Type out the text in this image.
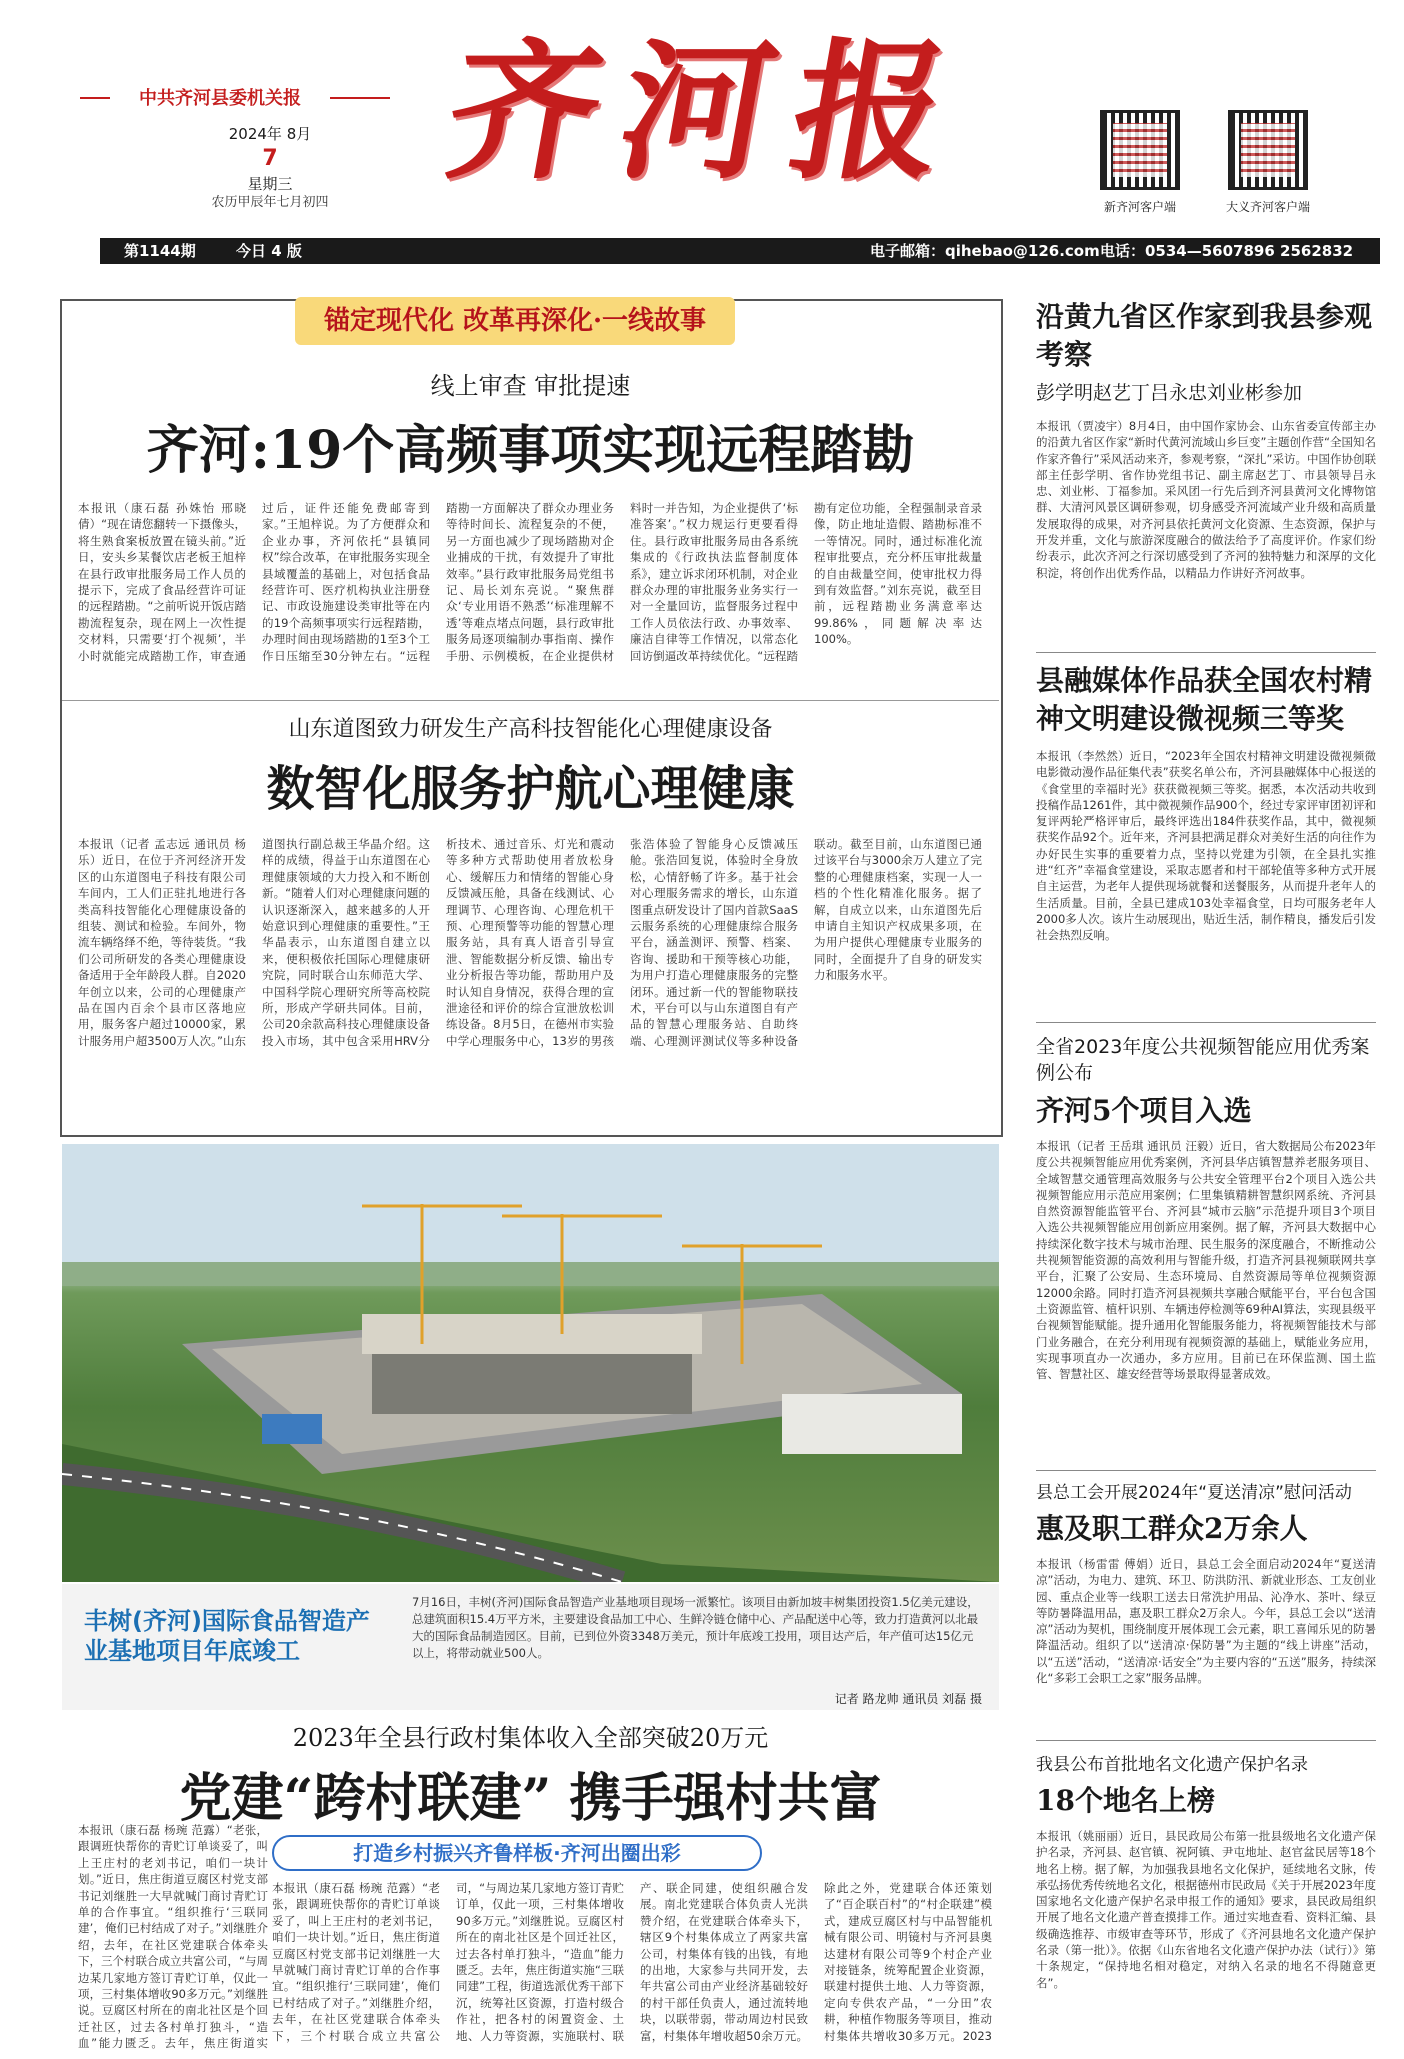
中共齐河县委机关报
2024年 8月
7
星期三
农历甲辰年七月初四
齐河报
新齐河客户端	大义齐河客户端
第1144期	今日 4 版	电子邮箱：qihebao@126.com 电话：0534—5607896 2562832
锚定现代化 改革再深化·一线故事
线上审查 审批提速
齐河:19个高频事项实现远程踏勘
本报讯（康石磊 孙姝怡 邢晓倩）“现在请您翻转一下摄像头，将生熟食案板放置在镜头前。”近日，安头乡某餐饮店老板王旭梓在县行政审批服务局工作人员的提示下，完成了食品经营许可证的远程踏勘。“之前听说开饭店踏勘流程复杂，现在网上一次性提交材料，只需要‘打个视频’，半小时就能完成踏勘工作，审查通过后，证件还能免费邮寄到家。”王旭梓说。为了方便群众和企业办事，齐河依托“县镇同权”综合改革，在审批服务实现全县域覆盖的基础上，对包括食品经营许可、医疗机构执业注册登记、市政设施建设类审批等在内的19个高频事项实行远程踏勘，办理时间由现场踏勘的1至3个工作日压缩至30分钟左右。“远程踏勘一方面解决了群众办理业务等待时间长、流程复杂的不便，另一方面也减少了现场踏勘对企业捕成的干扰，有效提升了审批效率。”县行政审批服务局党组书记、局长刘东亮说。“聚焦群众‘专业用语不熟悉’‘标准理解不透’等难点堵点问题，县行政审批服务局逐项编制办事指南、操作手册、示例模板，在企业提供材料时一并告知，为企业提供了‘标准答案’。”权力规运行更要看得住。县行政审批服务局由各系统集成的《行政执法监督制度体系》，建立诉求闭环机制，对企业群众办理的审批服务业务实行一对一全量回访，监督服务过程中工作人员依法行政、办事效率、廉洁自律等工作情况，以常态化回访倒逼改革持续优化。“远程踏勘有定位功能，全程强制录音录像，防止地址造假、踏勘标准不一等情况。同时，通过标准化流程审批要点，充分杯压审批裁量的自由裁量空间，使审批权力得到有效监督。”刘东亮说，截至目前，远程踏勘业务满意率达99.86%，同题解决率达100%。
山东道图致力研发生产高科技智能化心理健康设备
数智化服务护航心理健康
本报讯（记者 孟志远 通讯员 杨乐）近日，在位于齐河经济开发区的山东道图电子科技有限公司车间内，工人们正驻扎地进行各类高科技智能化心理健康设备的组装、测试和检验。车间外，物流车辆络绎不绝，等待装货。“我们公司所研发的各类心理健康设备适用于全年龄段人群。自2020年创立以来，公司的心理健康产品在国内百余个县市区落地应用，服务客户超过10000家，累计服务用户超3500万人次。”山东道图执行副总裁王华晶介绍。这样的成绩，得益于山东道图在心理健康领域的大力投入和不断创新。“随着人们对心理健康问题的认识逐渐深入，越来越多的人开始意识到心理健康的重要性。”王华晶表示，山东道图自建立以来，便积极依托国际心理健康研究院，同时联合山东师范大学、中国科学院心理研究所等高校院所，形成产学研共同体。目前，公司20余款高科技心理健康设备投入市场，其中包含采用HRV分析技术、通过音乐、灯光和震动等多种方式帮助使用者放松身心、缓解压力和情绪的智能心身反馈减压舱，具备在线测试、心理调节、心理咨询、心理危机干预、心理预警等功能的智慧心理服务站，具有真人语音引导宣泄、智能数据分析反馈、输出专业分析报告等功能，帮助用户及时认知自身情况，获得合理的宣泄途径和评价的综合宣泄放松训练设备。8月5日，在德州市实验中学心理服务中心，13岁的男孩张浩体验了智能身心反馈减压舱。张浩回复说，体验时全身放松，心情舒畅了许多。基于社会对心理服务需求的增长，山东道图重点研发设计了国内首款SaaS云服务系统的心理健康综合服务平台，涵盖测评、预警、档案、咨询、援助和干预等核心功能，为用户打造心理健康服务的完整闭环。通过新一代的智能物联技术，平台可以与山东道图自有产品的智慧心理服务站、自助终端、心理测评测试仪等多种设备联动。截至目前，山东道图已通过该平台与3000余万人建立了完整的心理健康档案，实现一人一档的个性化精准化服务。据了解，自成立以来，山东道图先后申请自主知识产权成果多项，在为用户提供心理健康专业服务的同时，全面提升了自身的研发实力和服务水平。
丰树(齐河)国际食品智造产业基地项目年底竣工
7月16日，丰树(齐河)国际食品智造产业基地项目现场一派繁忙。该项目由新加坡丰树集团投资1.5亿美元建设，总建筑面积15.4万平方米，主要建设食品加工中心、生鲜冷链仓储中心、产品配送中心等，致力打造黄河以北最大的国际食品制造园区。目前，已到位外资3348万美元，预计年底竣工投用，项目达产后，年产值可达15亿元以上，将带动就业500人。
记者 路龙帅 通讯员 刘磊 摄
2023年全县行政村集体收入全部突破20万元
党建“跨村联建” 携手强村共富
打造乡村振兴齐鲁样板·齐河出圈出彩
本报讯（康石磊 杨琬 范露）“老张，跟调班快帮你的青贮订单谈妥了，叫上王庄村的老刘书记，咱们一块计划。”近日，焦庄街道豆腐区村党支部书记刘继胜一大早就喊门商讨青贮订单的合作事宜。“组织推行‘三联同建’，俺们已村结成了对子。”刘继胜介绍，去年，在社区党建联合体牵头下，三个村联合成立共富公司，“与周边某几家地方签订青贮订单，仅此一项，三村集体增收90多万元。”刘继胜说。豆腐区村所在的南北社区是个回迁社区，过去各村单打独斗，“造血”能力匮乏。去年，焦庄街道实
本报讯（康石磊 杨琬 范露）“老张，跟调班快帮你的青贮订单谈妥了，叫上王庄村的老刘书记，咱们一块计划。”近日，焦庄街道豆腐区村党支部书记刘继胜一大早就喊门商讨青贮订单的合作事宜。“组织推行‘三联同建’，俺们已村结成了对子。”刘继胜介绍，去年，在社区党建联合体牵头下，三个村联合成立共富公司，“与周边某几家地方签订青贮订单，仅此一项，三村集体增收90多万元。”刘继胜说。豆腐区村所在的南北社区是个回迁社区，过去各村单打独斗，“造血”能力匮乏。去年，焦庄街道实施“三联同建”工程，街道选派优秀干部下沉，统筹社区资源，打造村级合作社，把各村的闲置资金、土地、人力等资源，实施联村、联产、联企同建，使组织融合发展。南北党建联合体负责人光洪赞介绍，在党建联合体牵头下，辖区9个村集体成立了两家共富公司，村集体有钱的出钱，有地的出地，大家参与共同开发，去年共富公司由产业经济基础较好的村干部任负责人，通过流转地块，以联带弱，带动周边村民致富，村集体年增收超50余万元。除此之外，党建联合体还策划了“百企联百村”的“村企联建”模式，建成豆腐区村与中品智能机械有限公司、明镜村与齐河县奥达建材有限公司等9个村企产业对接链条，统筹配置企业资源，联建村提供土地、人力等资源，定向专供农产品，“一分田”农耕，种植作物服务等项目，推动村集体共增收30多万元。2023
沿黄九省区作家到我县参观考察
彭学明赵艺丁吕永忠刘业彬参加
本报讯（贾凌宇）8月4日，由中国作家协会、山东省委宣传部主办的沿黄九省区作家“新时代黄河流域山乡巨变”主题创作营“全国知名作家齐鲁行”采风活动来齐，参观考察，“深扎”采访。中国作协创联部主任彭学明、省作协党组书记、副主席赵艺丁、市县领导吕永忠、刘业彬、丁福参加。采风团一行先后到齐河县黄河文化博物馆群、大清河风景区调研参观，切身感受齐河流域产业升级和高质量发展取得的成果，对齐河县依托黄河文化资源、生态资源，保护与开发并重，文化与旅游深度融合的做法给予了高度评价。作家们纷纷表示，此次齐河之行深切感受到了齐河的独特魅力和深厚的文化积淀，将创作出优秀作品，以精品力作讲好齐河故事。
县融媒体作品获全国农村精神文明建设微视频三等奖
本报讯（李然然）近日，“2023年全国农村精神文明建设微视频微电影微动漫作品征集代表”获奖名单公布，齐河县融媒体中心报送的《食堂里的幸福时光》获获微视频三等奖。据悉，本次活动共收到投稿作品1261件，其中微视频作品900个，经过专家评审团初评和复评两轮严格评审后，最终评选出184件获奖作品，其中，微视频获奖作品92个。近年来，齐河县把满足群众对美好生活的向往作为办好民生实事的重要着力点，坚持以党建为引领，在全县扎实推进“红齐”幸福食堂建设，采取志愿者和村干部轮值等多种方式开展自主运营，为老年人提供现场就餐和送餐服务，从而提升老年人的生活质量。目前，全县已建成103处幸福食堂，日均可服务老年人2000多人次。该片生动展现出，贴近生活，制作精良，播发后引发社会热烈反响。
全省2023年度公共视频智能应用优秀案例公布
齐河5个项目入选
本报讯（记者 王岳琪 通讯员 汪毅）近日，省大数据局公布2023年度公共视频智能应用优秀案例，齐河县华店镇智慧养老服务项目、全域智慧交通管理高效服务与公共安全管理平台2个项目入选公共视频智能应用示范应用案例；仁里集镇精耕智慧织网系统、齐河县自然资源智能监管平台、齐河县“城市云脑”示范提升项目3个项目入选公共视频智能应用创新应用案例。据了解，齐河县大数据中心持续深化数字技术与城市治理、民生服务的深度融合，不断推动公共视频智能资源的高效利用与智能升级，打造齐河县视频联网共享平台，汇聚了公安局、生态环境局、自然资源局等单位视频资源12000余路。同时打造齐河县视频共享融合赋能平台，平台包含国土资源监管、植杆识别、车辆违停检测等69种AI算法，实现县级平台视频智能赋能。提升通用化智能服务能力，将视频智能技术与部门业务融合，在充分利用现有视频资源的基础上，赋能业务应用，实现事项直办一次通办，多方应用。目前已在环保监测、国土监管、智慧社区、雄安经营等场景取得显著成效。
县总工会开展2024年“夏送清凉”慰问活动
惠及职工群众2万余人
本报讯（杨雷雷 傅娟）近日，县总工会全面启动2024年“夏送清凉”活动，为电力、建筑、环卫、防洪防汛、新就业形态、工友创业园、重点企业等一线职工送去日常洗护用品、沁净水、茶叶、绿豆等防暑降温用品，惠及职工群众2万余人。今年，县总工会以“送清凉”活动为契机，围绕制度开展体现工会元素，职工喜闻乐见的防暑降温活动。组织了以“送清凉·保防暑”为主题的“线上讲座”活动，以“五送”活动，“送清凉·话安全”为主要内容的“五送”服务，持续深化“多彩工会职工之家”服务品牌。
我县公布首批地名文化遗产保护名录
18个地名上榜
本报讯（姚丽丽）近日，县民政局公布第一批县级地名文化遗产保护名录，齐河县、赵官镇、祝阿镇、尹屯地址、赵官盆民居等18个地名上榜。据了解，为加强我县地名文化保护，延续地名文脉，传承弘扬优秀传统地名文化，根据德州市民政局《关于开展2023年度国家地名文化遗产保护名录申报工作的通知》要求，县民政局组织开展了地名文化遗产普查摸排工作。通过实地查看、资料汇编、县级确选推荐、市级审查等环节，形成了《齐河县地名文化遗产保护名录（第一批）》。依据《山东省地名文化遗产保护办法（试行）》第十条规定，“保持地名相对稳定，对纳入名录的地名不得随意更名”。
